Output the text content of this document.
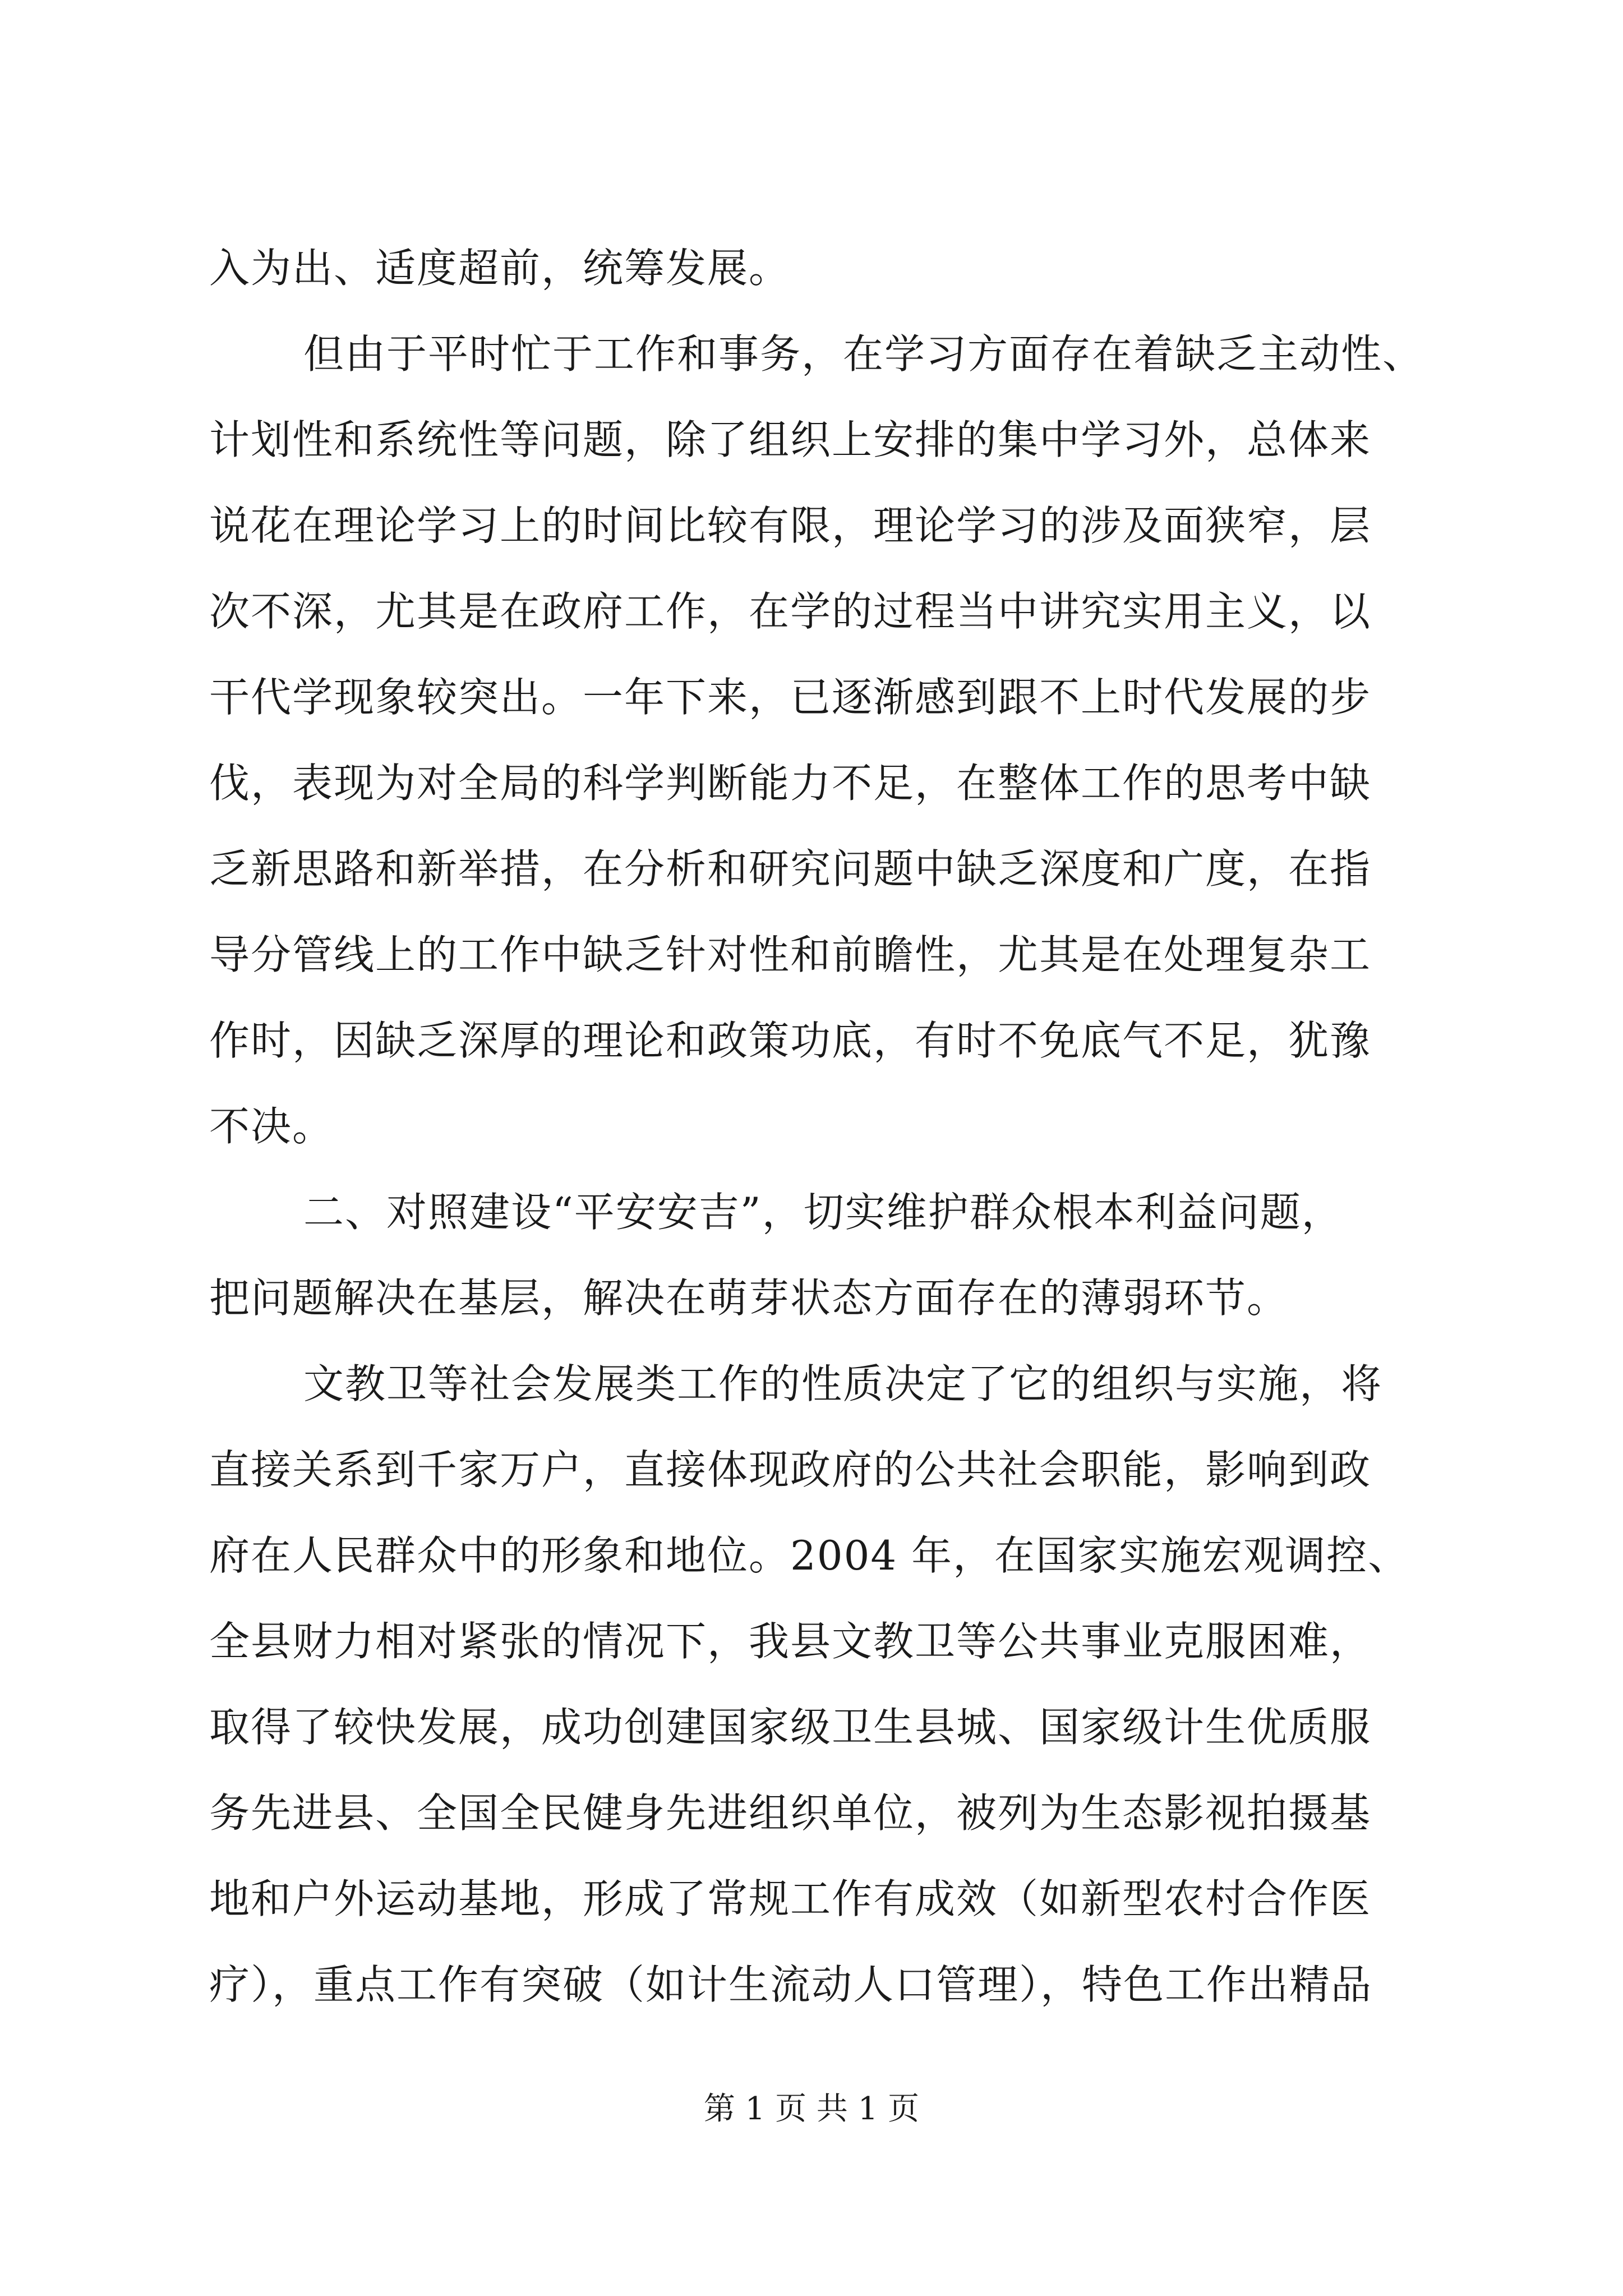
入为出、适度超前，统筹发展。
但由于平时忙于工作和事务，在学习方面存在着缺乏主动性、
计划性和系统性等问题，除了组织上安排的集中学习外，总体来
说花在理论学习上的时间比较有限，理论学习的涉及面狭窄，层
次不深，尤其是在政府工作，在学的过程当中讲究实用主义，以
干代学现象较突出。一年下来，已逐渐感到跟不上时代发展的步
伐，表现为对全局的科学判断能力不足，在整体工作的思考中缺
乏新思路和新举措，在分析和研究问题中缺乏深度和广度，在指
导分管线上的工作中缺乏针对性和前瞻性，尤其是在处理复杂工
作时，因缺乏深厚的理论和政策功底，有时不免底气不足，犹豫
不决。
二、对照建设“平安安吉”，切实维护群众根本利益问题，
把问题解决在基层，解决在萌芽状态方面存在的薄弱环节。
文教卫等社会发展类工作的性质决定了它的组织与实施，将
直接关系到千家万户，直接体现政府的公共社会职能，影响到政
府在人民群众中的形象和地位。2004 年，在国家实施宏观调控、
全县财力相对紧张的情况下，我县文教卫等公共事业克服困难，
取得了较快发展，成功创建国家级卫生县城、国家级计生优质服
务先进县、全国全民健身先进组织单位，被列为生态影视拍摄基
地和户外运动基地，形成了常规工作有成效（如新型农村合作医
疗），重点工作有突破（如计生流动人口管理），特色工作出精品
第 1 页 共 1 页
